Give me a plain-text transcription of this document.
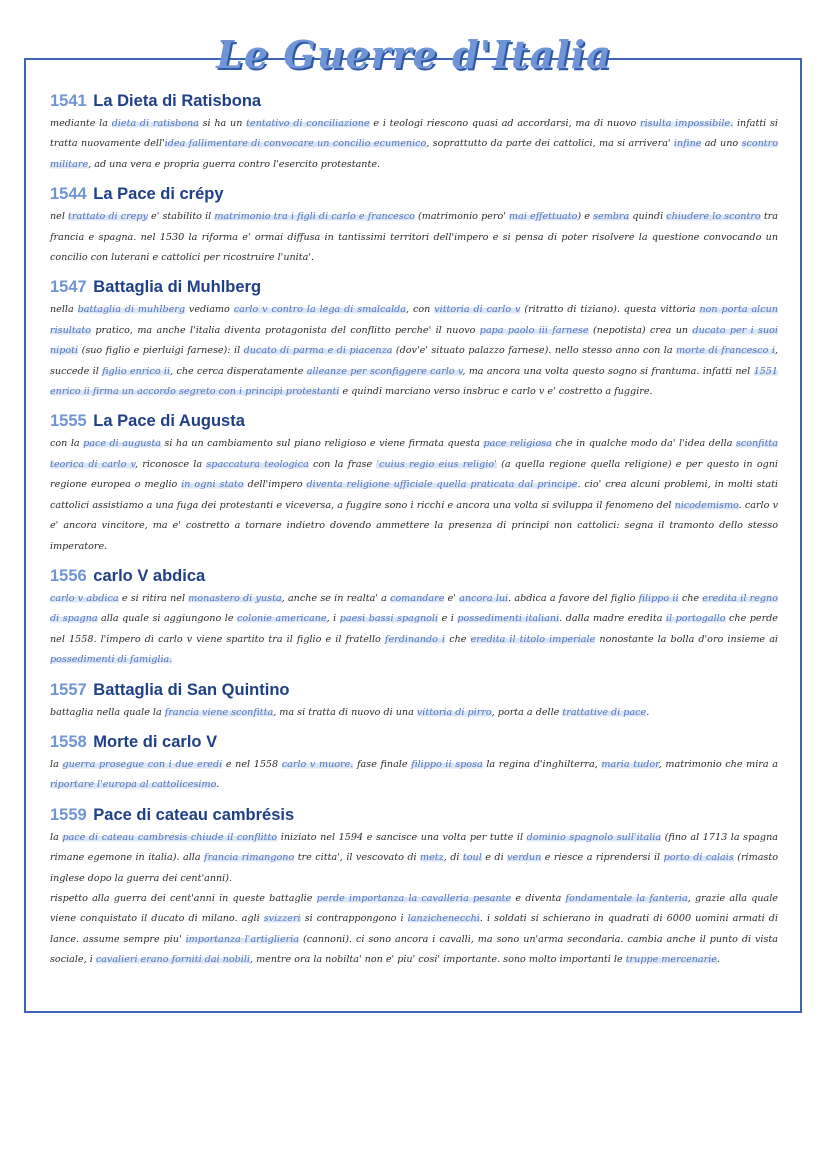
Le Guerre d'Italia
1541 La Dieta di Ratisbona

mediante la dieta di ratisbona si ha un tentativo di conciliazione e i teologi riescono quasi ad accordarsi, ma di nuovo risulta impossibile. infatti si tratta nuovamente dell'idea fallimentare di convocare un concilio ecumenico, soprattutto da parte dei cattolici, ma si arrivera' infine ad uno scontro militare, ad una vera e propria guerra contro l'esercito protestante.

1544 La Pace di crépy

nel trattato di crepy e' stabilito il matrimonio tra i figli di carlo e francesco (matrimonio pero' mai effettuato) e sembra quindi chiudere lo scontro tra francia e spagna. nel 1530 la riforma e' ormai diffusa in tantissimi territori dell'impero e si pensa di poter risolvere la questione convocando un concilio con luterani e cattolici per ricostruire l'unita'.

1547 Battaglia di Muhlberg

nella battaglia di muhlberg vediamo carlo v contro la lega di smalcalda, con vittoria di carlo v (ritratto di tiziano). questa vittoria non porta alcun risultato pratico, ma anche l'italia diventa protagonista del conflitto perche' il nuovo papa paolo iii farnese (nepotista) crea un ducato per i suoi nipoti (suo figlio e pierluigi farnese): il ducato di parma e di piacenza (dov'e' situato palazzo farnese). nello stesso anno con la morte di francesco i, succede il figlio enrico ii, che cerca disperatamente alleanze per sconfiggere carlo v, ma ancora una volta questo sogno si frantuma. infatti nel 1551 enrico ii firma un accordo segreto con i principi protestanti e quindi marciano verso insbruc e carlo v e' costretto a fuggire.

1555 La Pace di Augusta

con la pace di augusta si ha un cambiamento sul piano religioso e viene firmata questa pace religiosa che in qualche modo da' l'idea della sconfitta teorica di carlo v, riconosce la spaccatura teologica con la frase 'cuius regio eius religio' (a quella regione quella religione) e per questo in ogni regione europea o meglio in ogni stato dell'impero diventa religione ufficiale quella praticata dal principe. cio' crea alcuni problemi, in molti stati cattolici assistiamo a una fuga dei protestanti e viceversa, a fuggire sono i ricchi e ancora una volta si sviluppa il fenomeno del nicodemismo. carlo v e' ancora vincitore, ma e' costretto a tornare indietro dovendo ammettere la presenza di principi non cattolici: segna il tramonto dello stesso imperatore.

1556 carlo V abdica

carlo v abdica e si ritira nel monastero di yusta, anche se in realta' a comandare e' ancora lui. abdica a favore del figlio filippo ii che eredita il regno di spagna alla quale si aggiungono le colonie americane, i paesi bassi spagnoli e i possedimenti italiani. dalla madre eredita il portogallo che perde nel 1558. l'impero di carlo v viene spartito tra il figlio e il fratello ferdinando i che eredita il titolo imperiale nonostante la bolla d'oro insieme ai possedimenti di famiglia.

1557 Battaglia di San Quintino

battaglia nella quale la francia viene sconfitta, ma si tratta di nuovo di una vittoria di pirro, porta a delle trattative di pace.

1558 Morte di carlo V

la guerra prosegue con i due eredi e nel 1558 carlo v muore. fase finale filippo ii sposa la regina d'inghilterra, maria tudor, matrimonio che mira a riportare l'europa al cattolicesimo.

1559 Pace di cateau cambrésis

la pace di cateau cambresis chiude il conflitto iniziato nel 1594 e sancisce una volta per tutte il dominio spagnolo sull'italia (fino al 1713 la spagna rimane egemone in italia). alla francia rimangono tre citta', il vescovato di metz, di toul e di verdun e riesce a riprendersi il porto di calais (rimasto inglese dopo la guerra dei cent'anni).

rispetto alla guerra dei cent'anni in queste battaglie perde importanza la cavalleria pesante e diventa fondamentale la fanteria, grazie alla quale viene conquistato il ducato di milano. agli svizzeri si contrappongono i lanzichenecchi. i soldati si schierano in quadrati di 6000 uomini armati di lance. assume sempre piu' importanza l'artiglieria (cannoni). ci sono ancora i cavalli, ma sono un'arma secondaria. cambia anche il punto di vista sociale, i cavalieri erano forniti dai nobili, mentre ora la nobilta' non e' piu' cosi' importante. sono molto importanti le truppe mercenarie.
